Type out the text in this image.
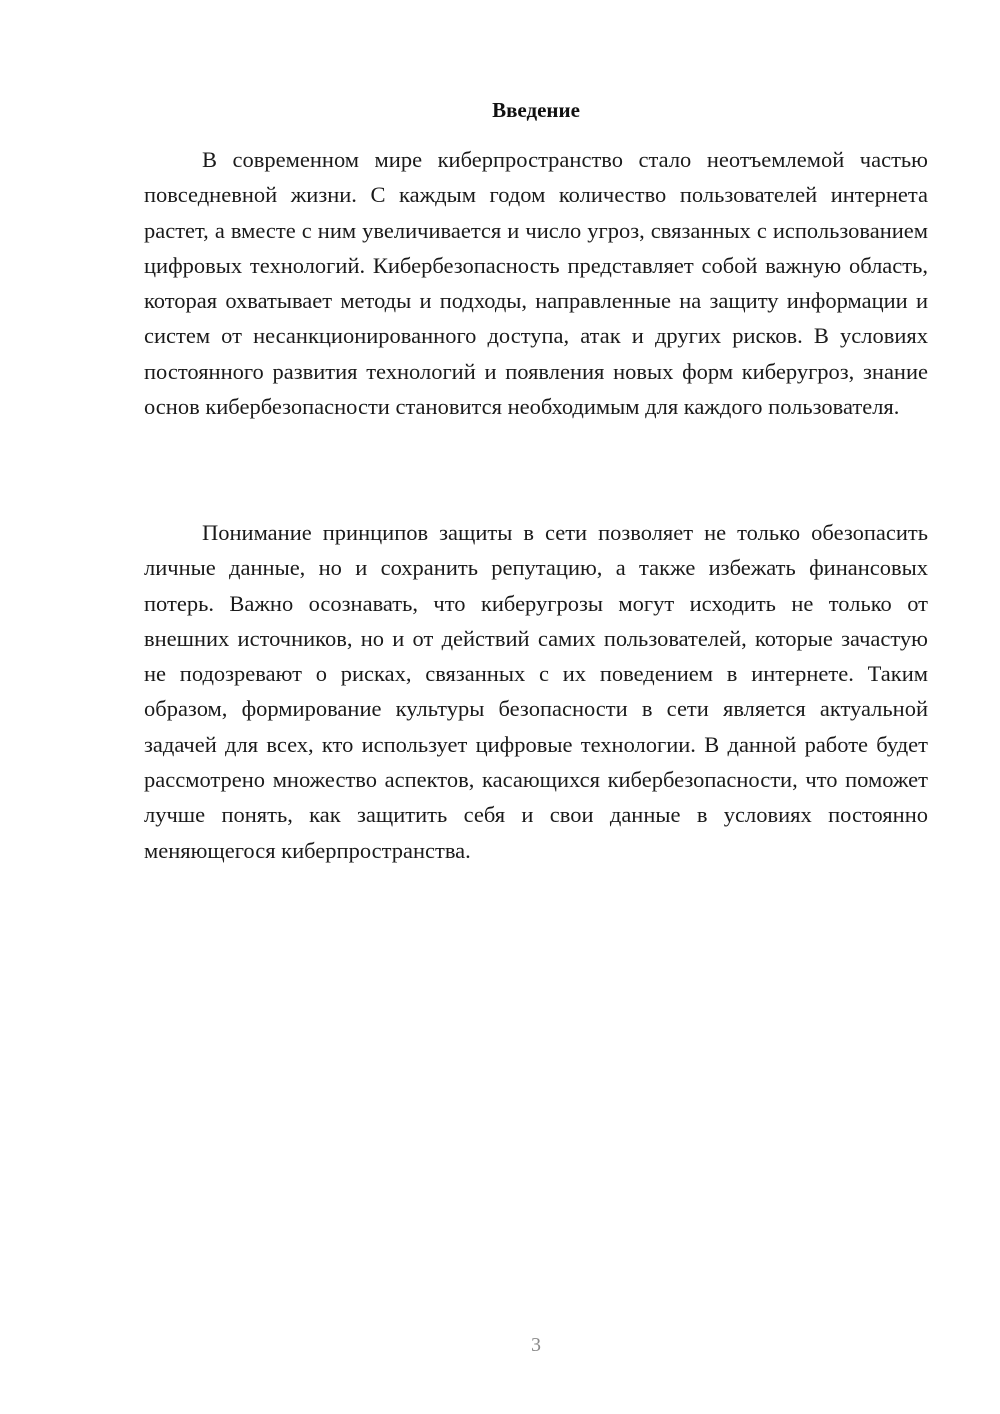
Введение

В современном мире киберпространство стало неотъемлемой частью повседневной жизни. С каждым годом количество пользователей интернета растет, а вместе с ним увеличивается и число угроз, связанных с использованием цифровых технологий. Кибербезопасность представляет собой важную область, которая охватывает методы и подходы, направленные на защиту информации и систем от несанкционированного доступа, атак и других рисков. В условиях постоянного развития технологий и появления новых форм киберугроз, знание основ кибербезопасности становится необходимым для каждого пользователя.

Понимание принципов защиты в сети позволяет не только обезопасить личные данные, но и сохранить репутацию, а также избежать финансовых потерь. Важно осознавать, что киберугрозы могут исходить не только от внешних источников, но и от действий самих пользователей, которые зачастую не подозревают о рисках, связанных с их поведением в интернете. Таким образом, формирование культуры безопасности в сети является актуальной задачей для всех, кто использует цифровые технологии. В данной работе будет рассмотрено множество аспектов, касающихся кибербезопасности, что поможет лучше понять, как защитить себя и свои данные в условиях постоянно меняющегося киберпространства.

3
